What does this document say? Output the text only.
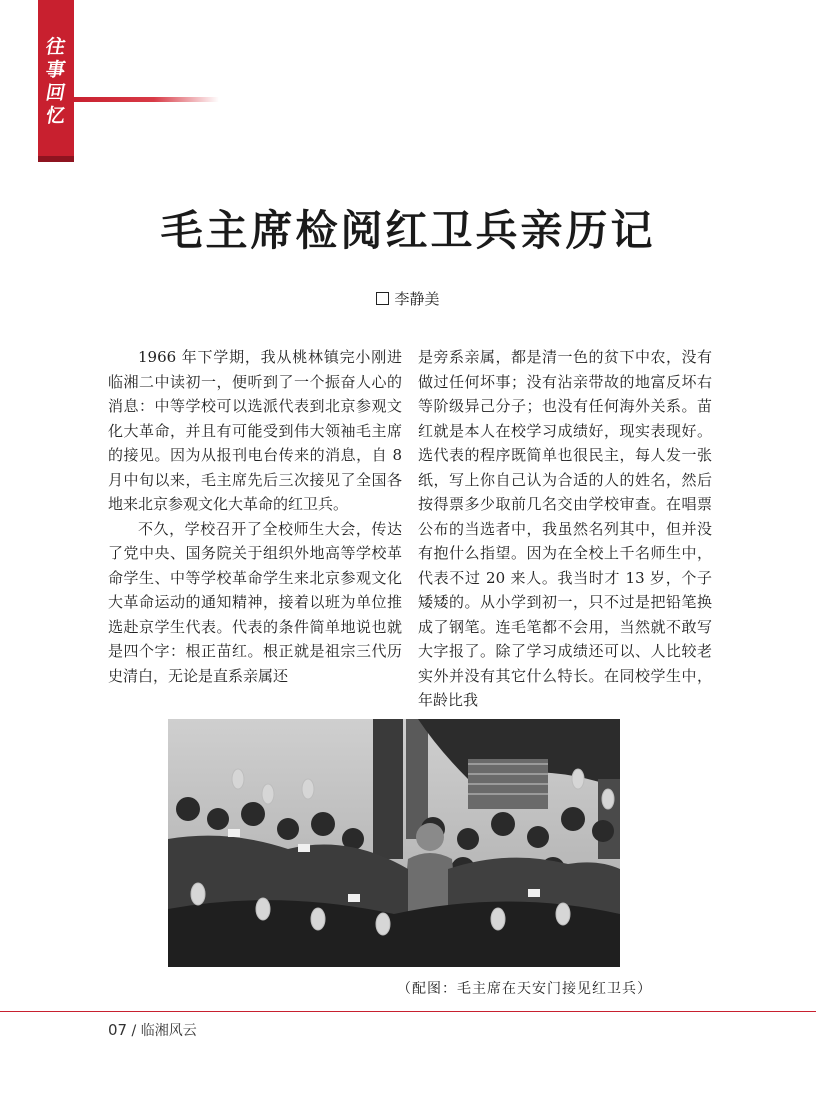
往
事
回
忆
毛主席检阅红卫兵亲历记
李静美

1966 年下学期，我从桃林镇完小刚进临湘二中读初一，便听到了一个振奋人心的消息：中等学校可以选派代表到北京参观文化大革命，并且有可能受到伟大领袖毛主席的接见。因为从报刊电台传来的消息，自 8 月中旬以来，毛主席先后三次接见了全国各地来北京参观文化大革命的红卫兵。

不久，学校召开了全校师生大会，传达了党中央、国务院关于组织外地高等学校革命学生、中等学校革命学生来北京参观文化大革命运动的通知精神，接着以班为单位推选赴京学生代表。代表的条件简单地说也就是四个字：根正苗红。根正就是祖宗三代历史清白，无论是直系亲属还

是旁系亲属，都是清一色的贫下中农，没有做过任何坏事；没有沾亲带故的地富反坏右等阶级异己分子；也没有任何海外关系。苗红就是本人在校学习成绩好，现实表现好。选代表的程序既简单也很民主，每人发一张纸，写上你自己认为合适的人的姓名，然后按得票多少取前几名交由学校审查。在唱票公布的当选者中，我虽然名列其中，但并没有抱什么指望。因为在全校上千名师生中，代表不过 20 来人。我当时才 13 岁，个子矮矮的。从小学到初一，只不过是把铅笔换成了钢笔。连毛笔都不会用，当然就不敢写大字报了。除了学习成绩还可以、人比较老实外并没有其它什么特长。在同校学生中，年龄比我

（配图：毛主席在天安门接见红卫兵）
07 / 临湘风云
